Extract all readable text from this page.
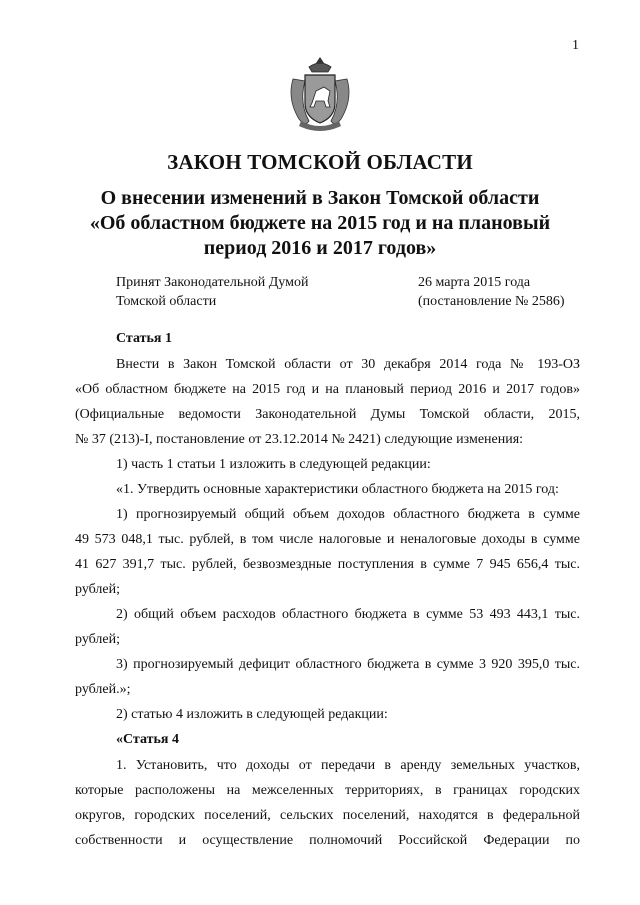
1
ЗАКОН ТОМСКОЙ ОБЛАСТИ
О внесении изменений в Закон Томской области
«Об областном бюджете на 2015 год и на плановый
период 2016 и 2017 годов»
Принят Законодательной Думой
Томской области
26 марта 2015 года
(постановление № 2586)
Статья 1
Внести в Закон Томской области от 30 декабря 2014 года № 193-ОЗ
«Об областном бюджете на 2015 год и на плановый период 2016 и 2017 годов»
(Официальные ведомости Законодательной Думы Томской области, 2015,
№ 37 (213)-I, постановление от 23.12.2014 № 2421) следующие изменения:
1) часть 1 статьи 1 изложить в следующей редакции:
«1. Утвердить основные характеристики областного бюджета на 2015 год:
1) прогнозируемый общий объем доходов областного бюджета в сумме
49 573 048,1 тыс. рублей, в том числе налоговые и неналоговые доходы в сумме
41 627 391,7 тыс. рублей, безвозмездные поступления в сумме 7 945 656,4 тыс.
рублей;
2) общий объем расходов областного бюджета в сумме 53 493 443,1 тыс.
рублей;
3) прогнозируемый дефицит областного бюджета в сумме 3 920 395,0 тыс.
рублей.»;
2) статью 4 изложить в следующей редакции:
«Статья 4
1. Установить, что доходы от передачи в аренду земельных участков,
которые расположены на межселенных территориях, в границах городских
округов, городских поселений, сельских поселений, находятся в федеральной
собственности и осуществление полномочий Российской Федерации по
